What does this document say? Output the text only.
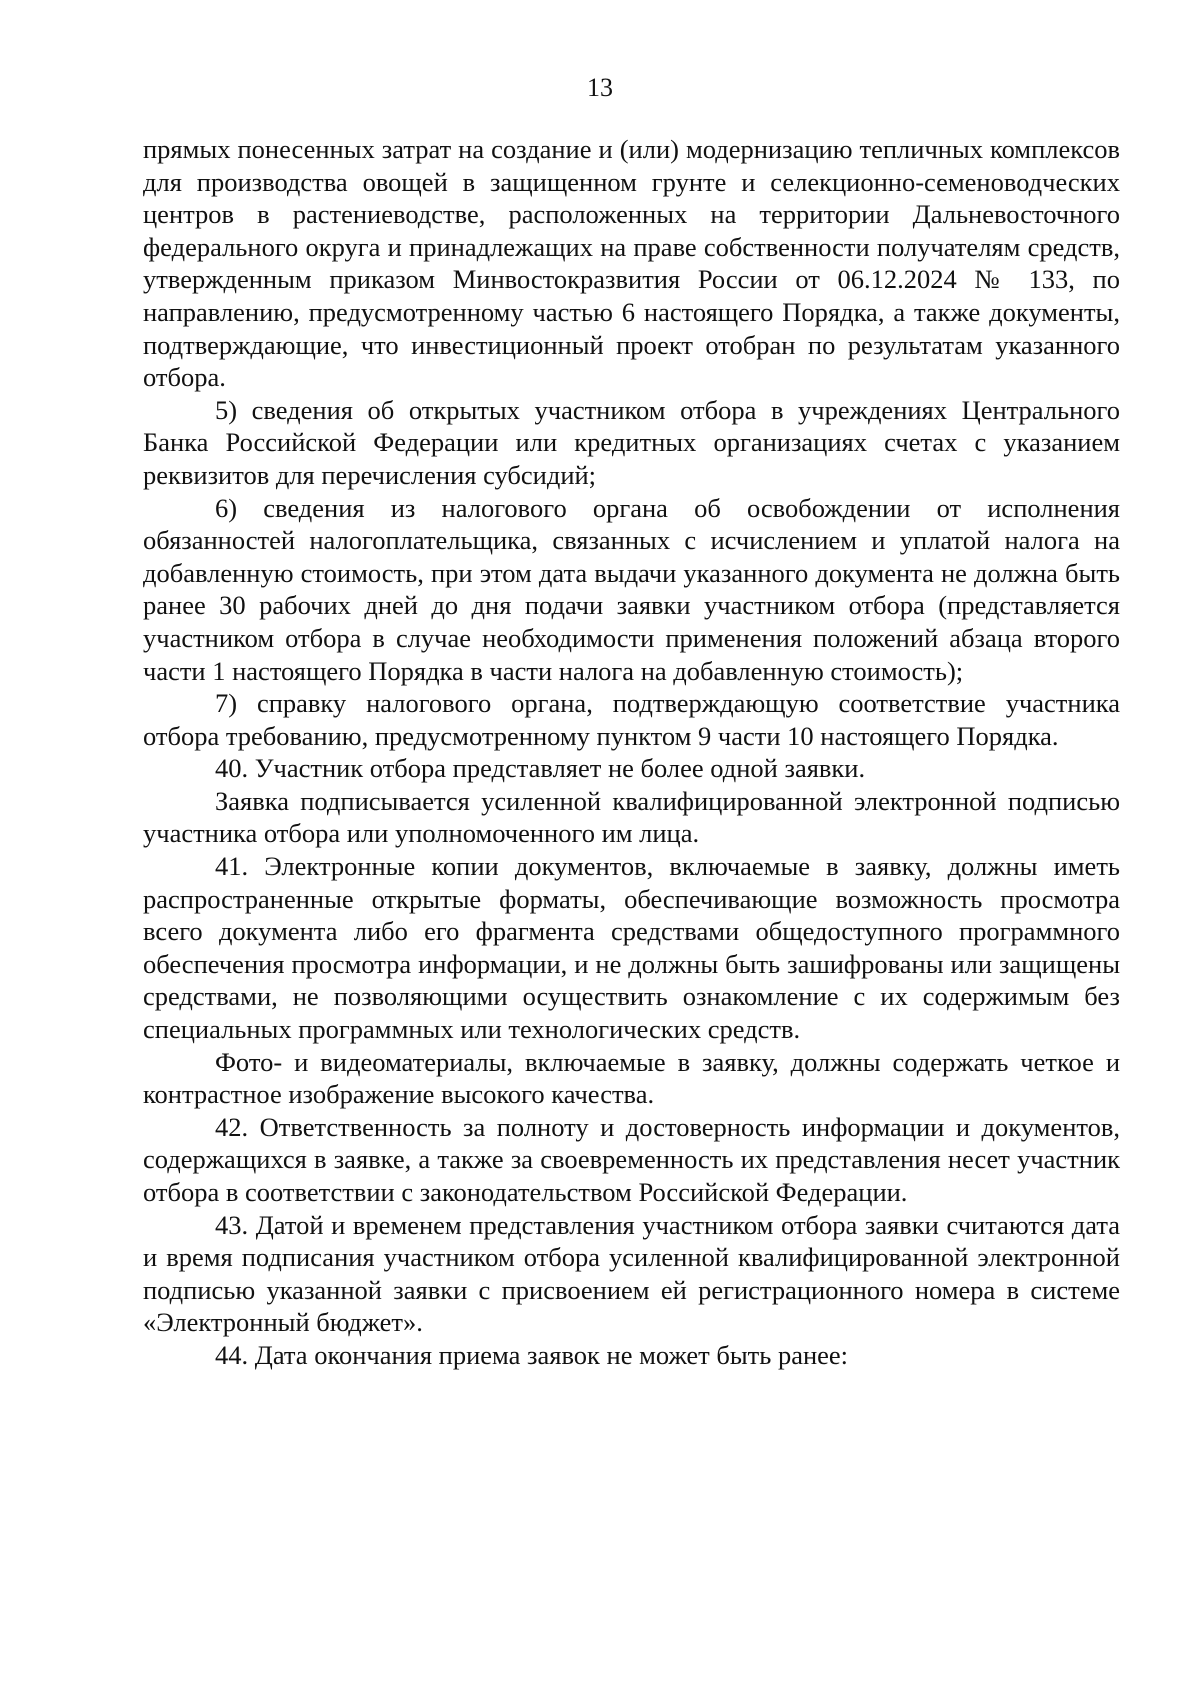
13

прямых понесенных затрат на создание и (или) модернизацию тепличных комплексов для производства овощей в защищенном грунте и селекционно-семеноводческих центров в растениеводстве, расположенных на территории Дальневосточного федерального округа и принадлежащих на праве собственности получателям средств, утвержденным приказом Минвостокразвития России от 06.12.2024 № 133, по направлению, предусмотренному частью 6 настоящего Порядка, а также документы, подтверждающие, что инвестиционный проект отобран по результатам указанного отбора.

5) сведения об открытых участником отбора в учреждениях Центрального Банка Российской Федерации или кредитных организациях счетах с указанием реквизитов для перечисления субсидий;

6) сведения из налогового органа об освобождении от исполнения обязанностей налогоплательщика, связанных с исчислением и уплатой налога на добавленную стоимость, при этом дата выдачи указанного документа не должна быть ранее 30 рабочих дней до дня подачи заявки участником отбора (представляется участником отбора в случае необходимости применения положений абзаца второго части 1 настоящего Порядка в части налога на добавленную стоимость);

7) справку налогового органа, подтверждающую соответствие участника отбора требованию, предусмотренному пунктом 9 части 10 настоящего Порядка.

40. Участник отбора представляет не более одной заявки.

Заявка подписывается усиленной квалифицированной электронной подписью участника отбора или уполномоченного им лица.

41. Электронные копии документов, включаемые в заявку, должны иметь распространенные открытые форматы, обеспечивающие возможность просмотра всего документа либо его фрагмента средствами общедоступного программного обеспечения просмотра информации, и не должны быть зашифрованы или защищены средствами, не позволяющими осуществить ознакомление с их содержимым без специальных программных или технологических средств.

Фото- и видеоматериалы, включаемые в заявку, должны содержать четкое и контрастное изображение высокого качества.

42. Ответственность за полноту и достоверность информации и документов, содержащихся в заявке, а также за своевременность их представления несет участник отбора в соответствии с законодательством Российской Федерации.

43. Датой и временем представления участником отбора заявки считаются дата и время подписания участником отбора усиленной квалифицированной электронной подписью указанной заявки с присвоением ей регистрационного номера в системе «Электронный бюджет».

44. Дата окончания приема заявок не может быть ранее:
